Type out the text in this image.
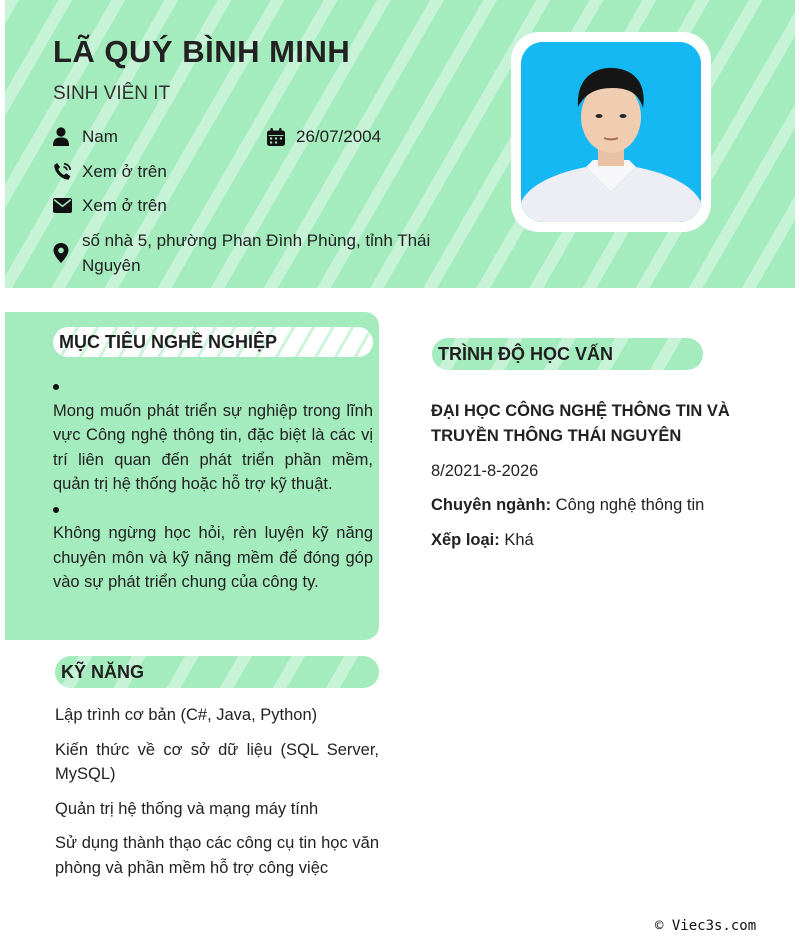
LÃ QUÝ BÌNH MINH
SINH VIÊN IT
Nam	26/07/2004
Xem ở trên
Xem ở trên
số nhà 5, phường Phan Đình Phùng, tỉnh Thái Nguyên
MỤC TIÊU NGHỀ NGHIỆP
Mong muốn phát triển sự nghiệp trong lĩnh vực Công nghệ thông tin, đặc biệt là các vị trí liên quan đến phát triển phần mềm, quản trị hệ thống hoặc hỗ trợ kỹ thuật.
Không ngừng học hỏi, rèn luyện kỹ năng chuyên môn và kỹ năng mềm để đóng góp vào sự phát triển chung của công ty.
KỸ NĂNG
Lập trình cơ bản (C#, Java, Python)
Kiến thức về cơ sở dữ liệu (SQL Server, MySQL)
Quản trị hệ thống và mạng máy tính
Sử dụng thành thạo các công cụ tin học văn phòng và phần mềm hỗ trợ công việc
TRÌNH ĐỘ HỌC VẤN
ĐẠI HỌC CÔNG NGHỆ THÔNG TIN VÀ TRUYỀN THÔNG THÁI NGUYÊN
8/2021-8-2026
Chuyên ngành: Công nghệ thông tin
Xếp loại: Khá
© Viec3s.com
